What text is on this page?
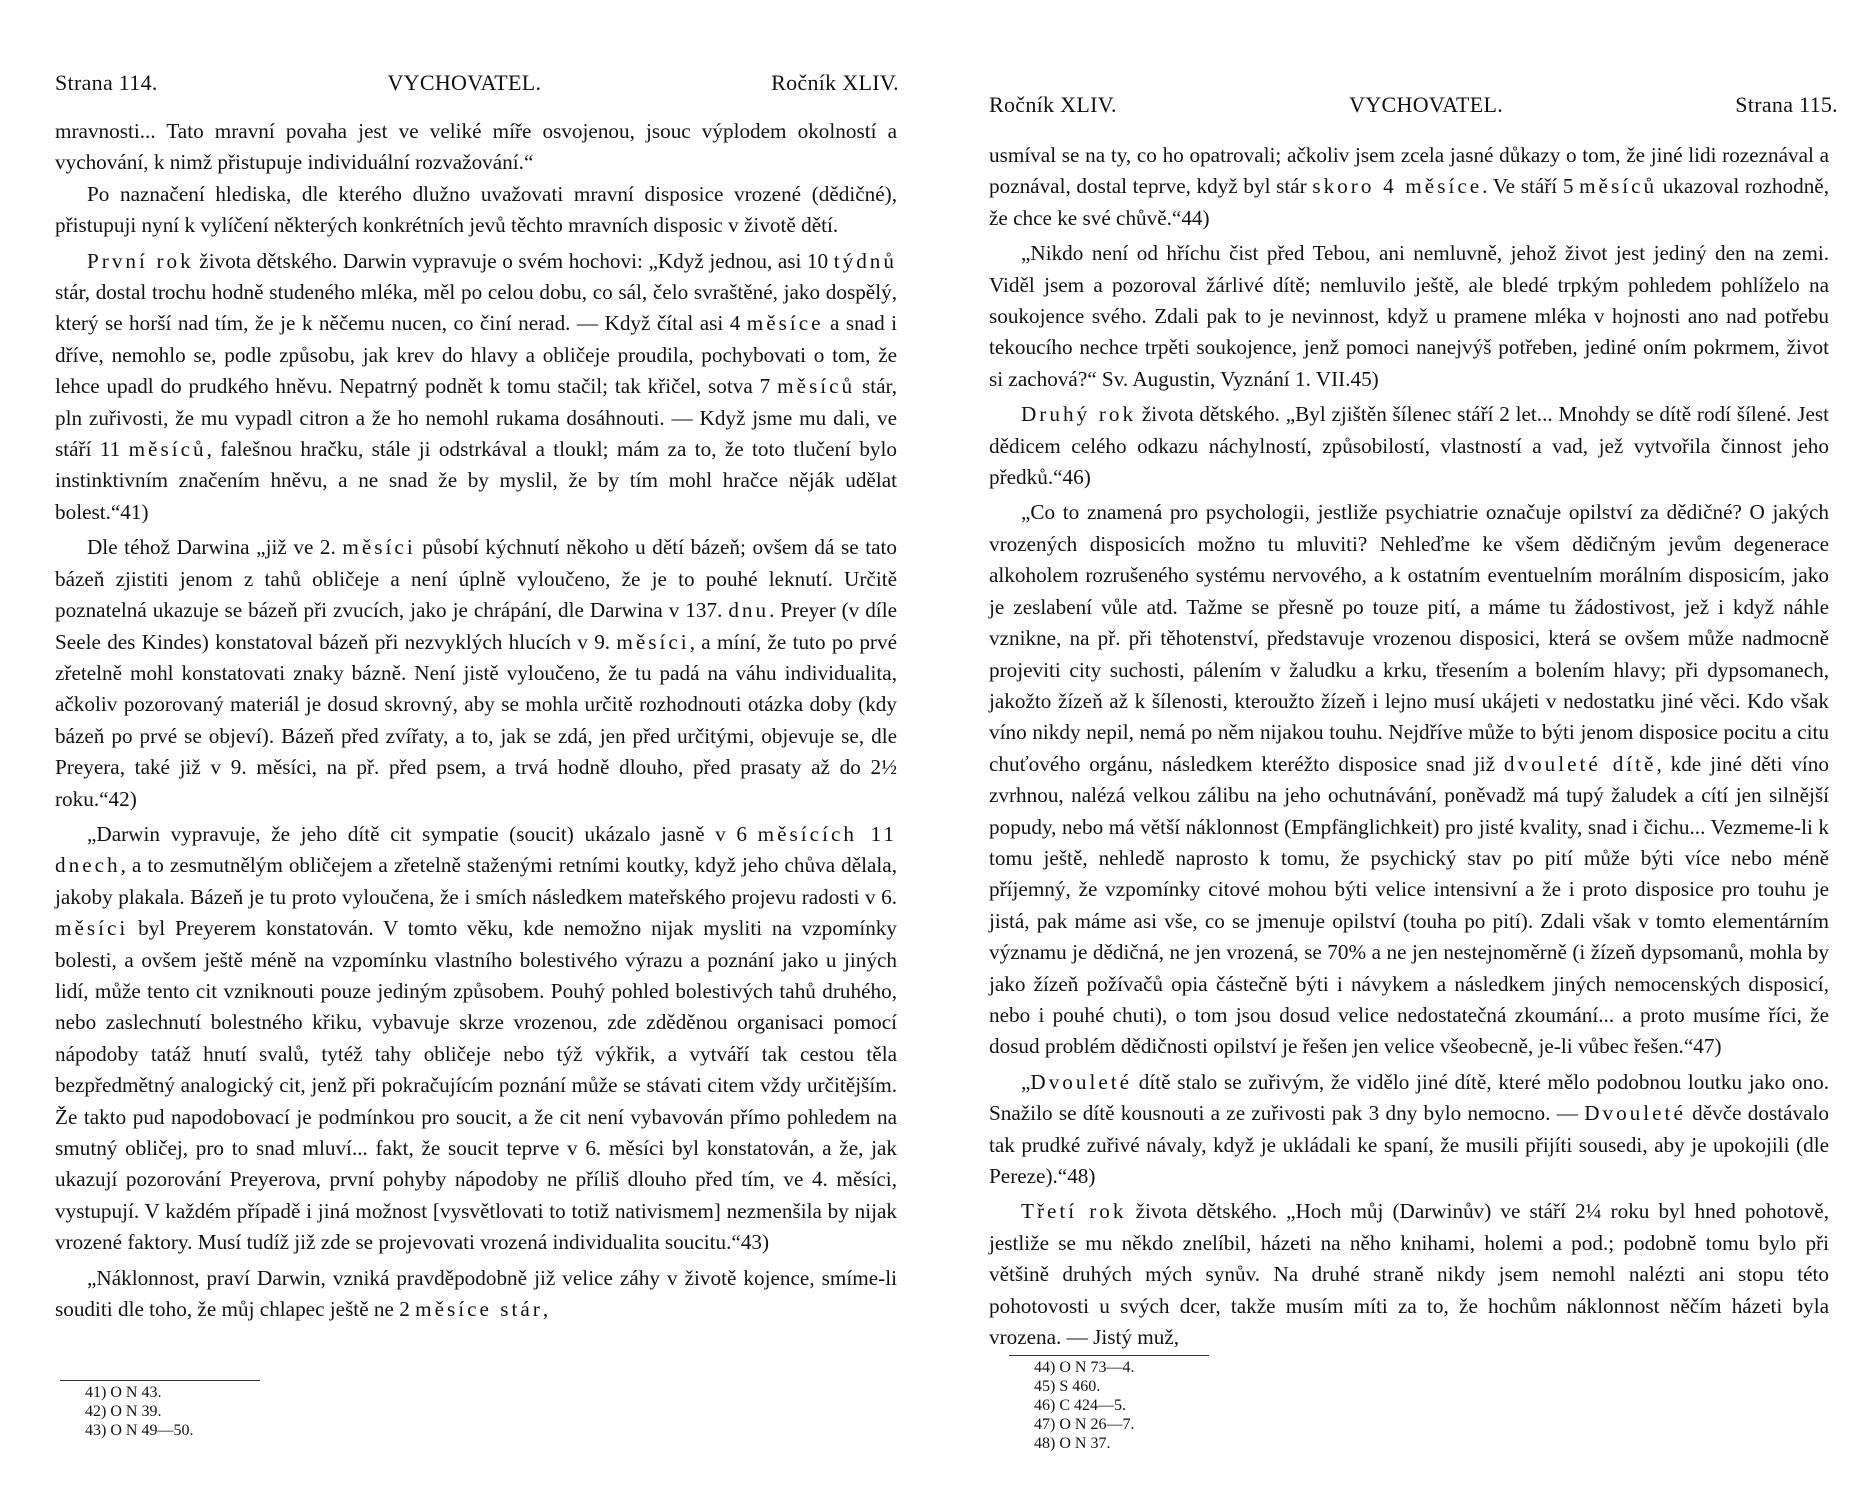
Strana 114.	VYCHOVATEL.	Ročník XLIV.

mravnosti... Tato mravní povaha jest ve veliké míře osvojenou, jsouc výplodem okolností a vychování, k nimž přistupuje individuální rozvažování.“

Po naznačení hlediska, dle kterého dlužno uvažovati mravní disposice vrozené (dědičné), přistupuji nyní k vylíčení některých konkrétních jevů těchto mravních disposic v životě dětí.

První rok života dětského. Darwin vypravuje o svém hochovi: „Když jednou, asi 10 týdnů stár, dostal trochu hodně studeného mléka, měl po celou dobu, co sál, čelo svraštěné, jako dospělý, který se horší nad tím, že je k něčemu nucen, co činí nerad. — Když čítal asi 4 měsíce a snad i dříve, nemohlo se, podle způsobu, jak krev do hlavy a obličeje proudila, pochybovati o tom, že lehce upadl do prudkého hněvu. Nepatrný podnět k tomu stačil; tak křičel, sotva 7 měsíců stár, pln zuřivosti, že mu vypadl citron a že ho nemohl rukama dosáhnouti. — Když jsme mu dali, ve stáří 11 měsíců, falešnou hračku, stále ji odstrkával a tloukl; mám za to, že toto tlučení bylo instinktivním značením hněvu, a ne snad že by myslil, že by tím mohl hračce něják udělat bolest.“41)

Dle téhož Darwina „již ve 2. měsíci působí kýchnutí někoho u dětí bázeň; ovšem dá se tato bázeň zjistiti jenom z tahů obličeje a není úplně vyloučeno, že je to pouhé leknutí. Určitě poznatelná ukazuje se bázeň při zvucích, jako je chrápání, dle Darwina v 137. dnu. Preyer (v díle Seele des Kindes) konstatoval bázeň při nezvyklých hlucích v 9. měsíci, a míní, že tuto po prvé zřetelně mohl konstatovati znaky bázně. Není jistě vyloučeno, že tu padá na váhu individualita, ačkoliv pozorovaný materiál je dosud skrovný, aby se mohla určitě rozhodnouti otázka doby (kdy bázeň po prvé se objeví). Bázeň před zvířaty, a to, jak se zdá, jen před určitými, objevuje se, dle Preyera, také již v 9. měsíci, na př. před psem, a trvá hodně dlouho, před prasaty až do 2½ roku.“42)

„Darwin vypravuje, že jeho dítě cit sympatie (soucit) ukázalo jasně v 6 měsících 11 dnech, a to zesmutnělým obličejem a zřetelně staženými retními koutky, když jeho chůva dělala, jakoby plakala. Bázeň je tu proto vyloučena, že i smích následkem mateřského projevu radosti v 6. měsíci byl Preyerem konstatován. V tomto věku, kde nemožno nijak mysliti na vzpomínky bolesti, a ovšem ještě méně na vzpomínku vlastního bolestivého výrazu a poznání jako u jiných lidí, může tento cit vzniknouti pouze jediným způsobem. Pouhý pohled bolestivých tahů druhého, nebo zaslechnutí bolestného křiku, vybavuje skrze vrozenou, zde zděděnou organisaci pomocí nápodoby tatáž hnutí svalů, tytéž tahy obličeje nebo týž výkřik, a vytváří tak cestou těla bezpředmětný analogický cit, jenž při pokračujícím poznání může se stávati citem vždy určitějším. Že takto pud napodobovací je podmínkou pro soucit, a že cit není vybavován přímo pohledem na smutný obličej, pro to snad mluví... fakt, že soucit teprve v 6. měsíci byl konstatován, a že, jak ukazují pozorování Preyerova, první pohyby nápodoby ne příliš dlouho před tím, ve 4. měsíci, vystupují. V každém případě i jiná možnost [vysvětlovati to totiž nativismem] nezmenšila by nijak vrozené faktory. Musí tudíž již zde se projevovati vrozená individualita soucitu.“43)

„Náklonnost, praví Darwin, vzniká pravděpodobně již velice záhy v životě kojence, smíme-li souditi dle toho, že můj chlapec ještě ne 2 měsíce stár,

41) O N 43.
42) O N 39.
43) O N 49—50.
Ročník XLIV.	VYCHOVATEL.	Strana 115.

usmíval se na ty, co ho opatrovali; ačkoliv jsem zcela jasné důkazy o tom, že jiné lidi rozeznával a poznával, dostal teprve, když byl stár skoro 4 měsíce. Ve stáří 5 měsíců ukazoval rozhodně, že chce ke své chůvě.“44)

„Nikdo není od hříchu čist před Tebou, ani nemluvně, jehož život jest jediný den na zemi. Viděl jsem a pozoroval žárlivé dítě; nemluvilo ještě, ale bledé trpkým pohledem pohlíželo na soukojence svého. Zdali pak to je nevinnost, když u pramene mléka v hojnosti ano nad potřebu tekoucího nechce trpěti soukojence, jenž pomoci nanejvýš potřeben, jediné oním pokrmem, život si zachová?“ Sv. Augustin, Vyznání 1. VII.45)

Druhý rok života dětského. „Byl zjištěn šílenec stáří 2 let... Mnohdy se dítě rodí šílené. Jest dědicem celého odkazu náchylností, způsobilostí, vlastností a vad, jež vytvořila činnost jeho předků.“46)

„Co to znamená pro psychologii, jestliže psychiatrie označuje opilství za dědičné? O jakých vrozených disposicích možno tu mluviti? Nehleďme ke všem dědičným jevům degenerace alkoholem rozrušeného systému nervového, a k ostatním eventuelním morálním disposicím, jako je zeslabení vůle atd. Tažme se přesně po touze pití, a máme tu žádostivost, jež i když náhle vznikne, na př. při těhotenství, představuje vrozenou disposici, která se ovšem může nadmocně projeviti city suchosti, pálením v žaludku a krku, třesením a bolením hlavy; při dypsomanech, jakožto žízeň až k šílenosti, kteroužto žízeň i lejno musí ukájeti v nedostatku jiné věci. Kdo však víno nikdy nepil, nemá po něm nijakou touhu. Nejdříve může to býti jenom disposice pocitu a citu chuťového orgánu, následkem kteréžto disposice snad již dvouleté dítě, kde jiné děti víno zvrhnou, nalézá velkou zálibu na jeho ochutnávání, poněvadž má tupý žaludek a cítí jen silnější popudy, nebo má větší náklonnost (Empfänglichkeit) pro jisté kvality, snad i čichu... Vezmeme-li k tomu ještě, nehledě naprosto k tomu, že psychický stav po pití může býti více nebo méně příjemný, že vzpomínky citové mohou býti velice intensivní a že i proto disposice pro touhu je jistá, pak máme asi vše, co se jmenuje opilství (touha po pití). Zdali však v tomto elementárním významu je dědičná, ne jen vrozená, se 70% a ne jen nestejnoměrně (i žízeň dypsomanů, mohla by jako žízeň požívačů opia částečně býti i návykem a následkem jiných nemocenských disposicí, nebo i pouhé chuti), o tom jsou dosud velice nedostatečná zkoumání... a proto musíme říci, že dosud problém dědičnosti opilství je řešen jen velice všeobecně, je-li vůbec řešen.“47)

„Dvouleté dítě stalo se zuřivým, že vidělo jiné dítě, které mělo podobnou loutku jako ono. Snažilo se dítě kousnouti a ze zuřivosti pak 3 dny bylo nemocno. — Dvouleté děvče dostávalo tak prudké zuřivé návaly, když je ukládali ke spaní, že musili přijíti sousedi, aby je upokojili (dle Pereze).“48)

Třetí rok života dětského. „Hoch můj (Darwinův) ve stáří 2¼ roku byl hned pohotově, jestliže se mu někdo znelíbil, házeti na něho knihami, holemi a pod.; podobně tomu bylo při většině druhých mých synův. Na druhé straně nikdy jsem nemohl nalézti ani stopu této pohotovosti u svých dcer, takže musím míti za to, že hochům náklonnost něčím házeti byla vrozena. — Jistý muž,

44) O N 73—4.
45) S 460.
46) C 424—5.
47) O N 26—7.
48) O N 37.
